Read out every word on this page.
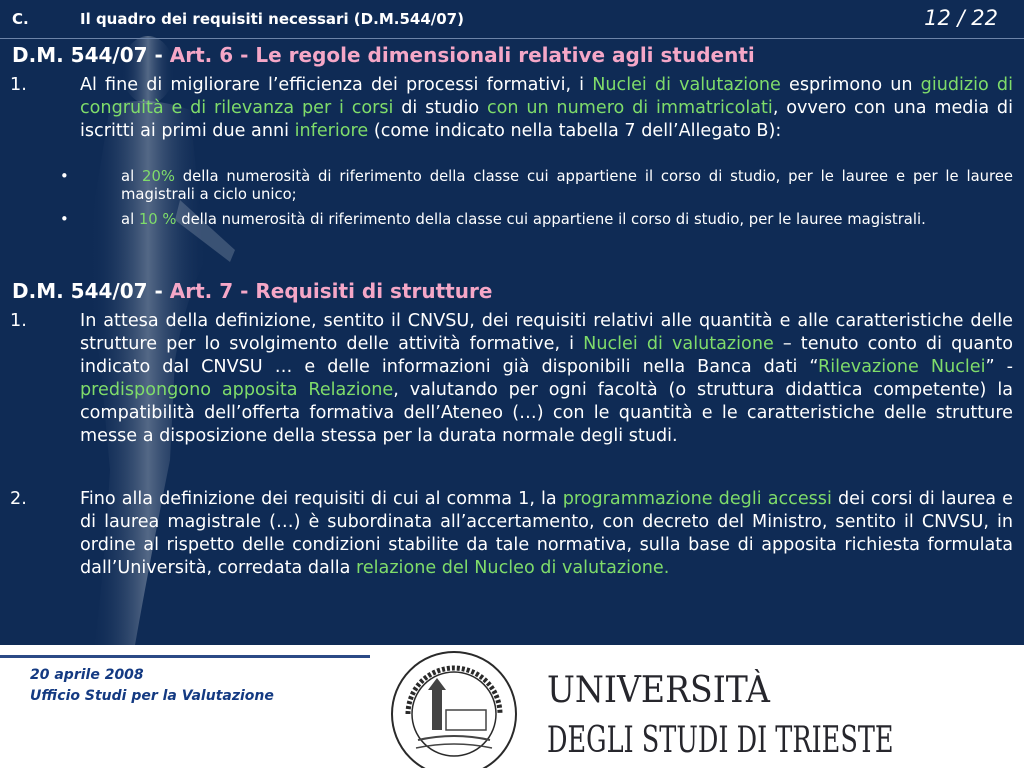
C.	Il quadro dei requisiti necessari (D.M.544/07)	12 / 22
D.M. 544/07 - Art. 6 - Le regole dimensionali relative agli studenti
1.	Al fine di migliorare l’efficienza dei processi formativi, i Nuclei di valutazione esprimono un giudizio di congruità e di rilevanza per i corsi di studio con un numero di immatricolati, ovvero con una media di iscritti ai primi due anni inferiore (come indicato nella tabella 7 dell’Allegato B):
•	al 20% della numerosità di riferimento della classe cui appartiene il corso di studio, per le lauree e per le lauree magistrali a ciclo unico;
•	al 10 % della numerosità di riferimento della classe cui appartiene il corso di studio, per le lauree magistrali.
D.M. 544/07 - Art. 7 - Requisiti di strutture
1.	In attesa della definizione, sentito il CNVSU, dei requisiti relativi alle quantità e alle caratteristiche delle strutture per lo svolgimento delle attività formative, i Nuclei di valutazione – tenuto conto di quanto indicato dal CNVSU … e delle informazioni già disponibili nella Banca dati “Rilevazione Nuclei” - predispongono apposita Relazione, valutando per ogni facoltà (o struttura didattica competente) la compatibilità dell’offerta formativa dell’Ateneo (…) con le quantità e le caratteristiche delle strutture messe a disposizione della stessa per la durata normale degli studi.
2.	Fino alla definizione dei requisiti di cui al comma 1, la programmazione degli accessi dei corsi di laurea e di laurea magistrale (…) è subordinata all’accertamento, con decreto del Ministro, sentito il CNVSU, in ordine al rispetto delle condizioni stabilite da tale normativa, sulla base di apposita richiesta formulata dall’Università, corredata dalla relazione del Nucleo di valutazione.
20 aprile 2008
Ufficio Studi per la Valutazione	UNIVERSITÀ
DEGLI STUDI DI TRIESTE
